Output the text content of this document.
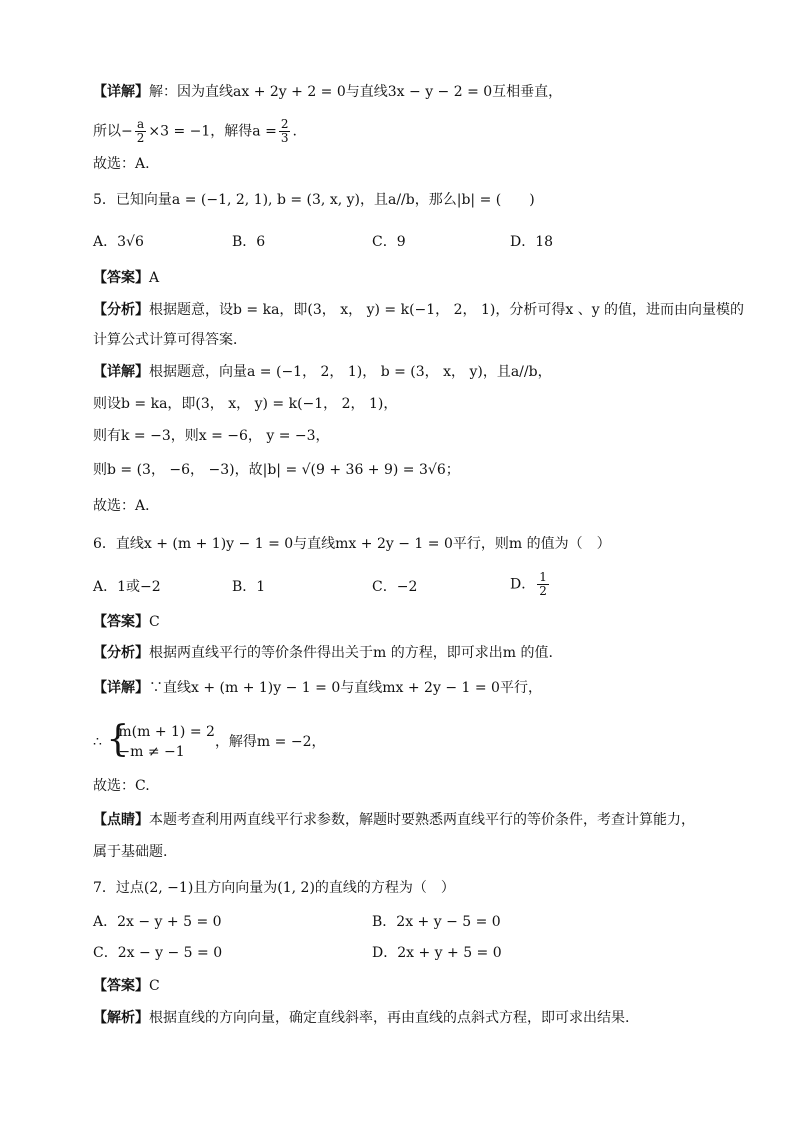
【详解】解：因为直线ax + 2y + 2 = 0与直线3x − y − 2 = 0互相垂直，
所以− $\frac{a}{2} \times 3 = -1$，解得$a = \frac{2}{3}$ .
故选：A.
5．已知向量a = (−1, 2, 1), b = (3, x, y)，且a//b，那么|b| = (　　)
A．3√6	B．6	C．9	D．18
【答案】A
【分析】根据题意，设b = ka，即(3， x， y) = k(−1， 2， 1)，分析可得x 、y 的值，进而由向量模的
计算公式计算可得答案．
【详解】根据题意，向量a = (−1， 2， 1)， b = (3， x， y)，且a//b，
则设b = ka，即(3， x， y) = k(−1， 2， 1)，
则有k = −3，则x = −6， y = −3，
则b = (3， −6， −3)，故|b| = √(9 + 36 + 9) = 3√6；
故选：A．
6．直线x + (m + 1)y − 1 = 0与直线mx + 2y − 1 = 0平行，则m 的值为（　）
A．1或−2	B．1	C．−2	D． $\frac{1}{2}$
【答案】C
【分析】根据两直线平行的等价条件得出关于m 的方程，即可求出m 的值.
【详解】∵直线x + (m + 1)y − 1 = 0与直线mx + 2y − 1 = 0平行，
∴ {
m(m + 1) = 2
−m ≠ −1
，解得m = −2，
故选：C.
【点睛】本题考查利用两直线平行求参数，解题时要熟悉两直线平行的等价条件，考查计算能力，
属于基础题.
7．过点(2, −1)且方向向量为(1, 2)的直线的方程为（　）
A．2x − y + 5 = 0	B．2x + y − 5 = 0
C．2x − y − 5 = 0	D．2x + y + 5 = 0
【答案】C
【解析】根据直线的方向向量，确定直线斜率，再由直线的点斜式方程，即可求出结果.
